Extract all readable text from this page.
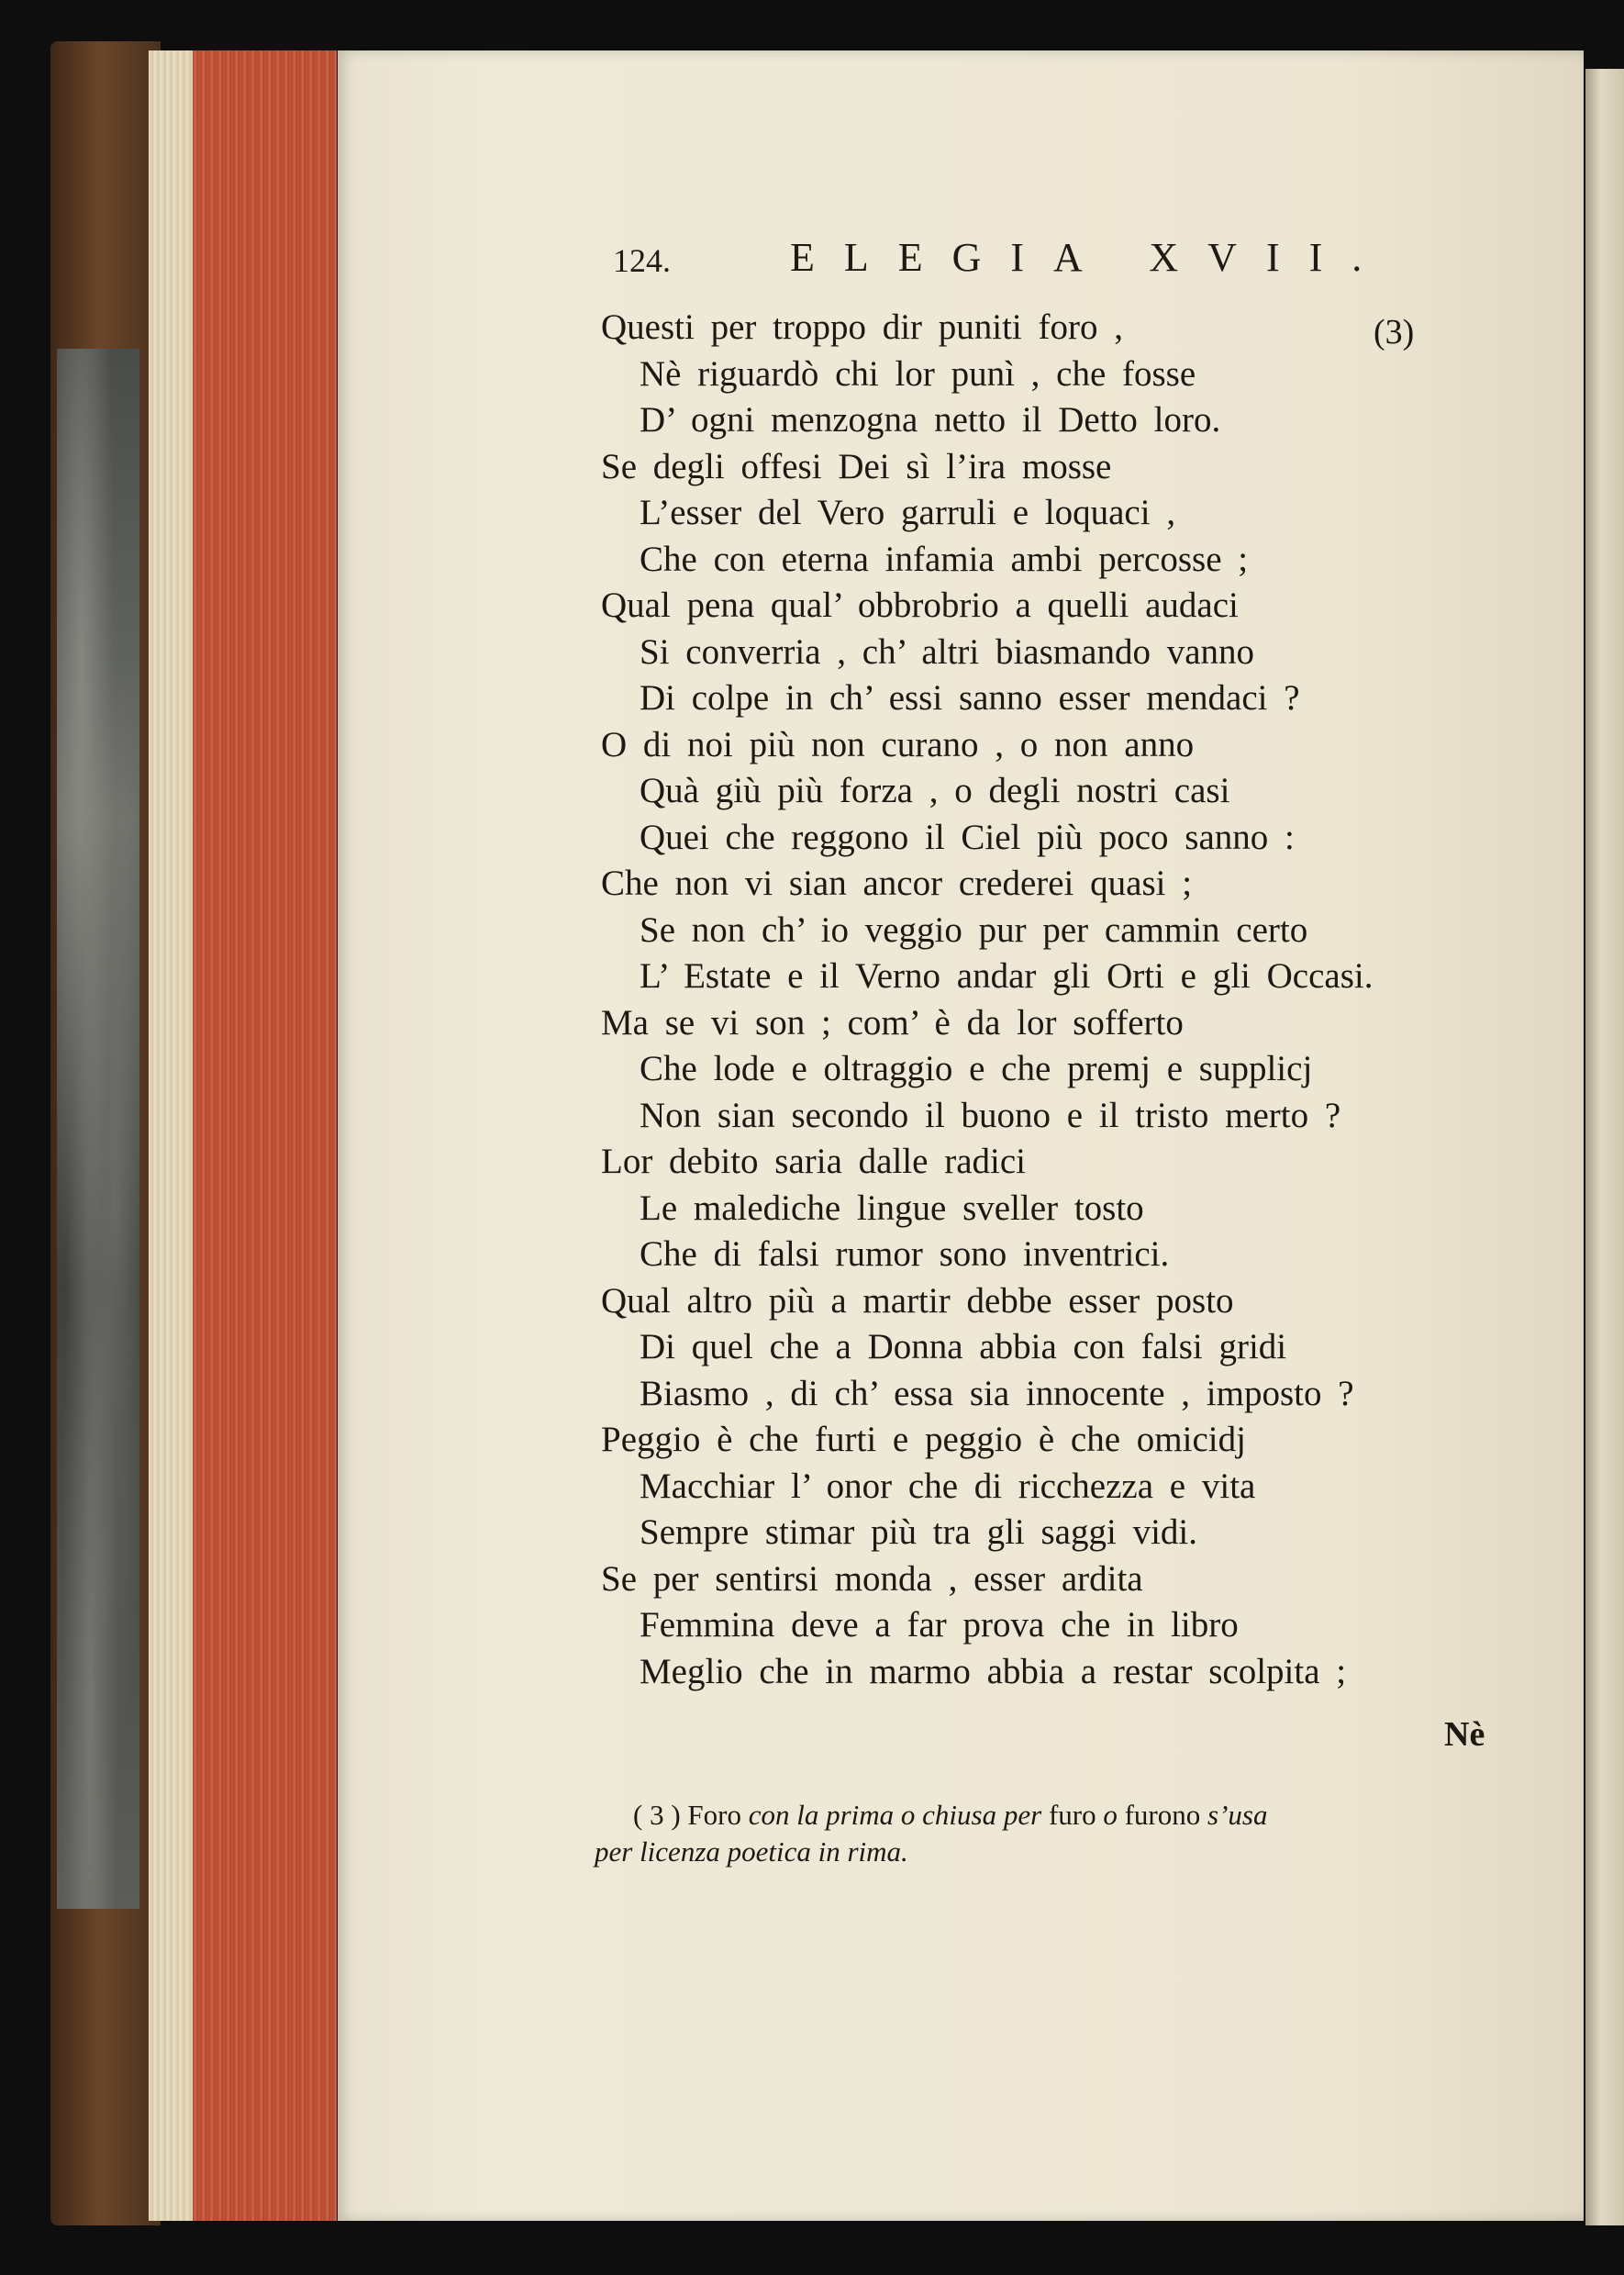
124.	ELEGIA XVII.
(3)
Questi per troppo dir puniti foro ,
Nè riguardò chi lor punì , che fosse
D’ ogni menzogna netto il Detto loro.
Se degli offesi Dei sì l’ira mosse
L’esser del Vero garruli e loquaci ,
Che con eterna infamia ambi percosse ;
Qual pena qual’ obbrobrio a quelli audaci
Si converria , ch’ altri biasmando vanno
Di colpe in ch’ essi sanno esser mendaci ?
O di noi più non curano , o non anno
Quà giù più forza , o degli nostri casi
Quei che reggono il Ciel più poco sanno :
Che non vi sian ancor crederei quasi ;
Se non ch’ io veggio pur per cammin certo
L’ Estate e il Verno andar gli Orti e gli Occasi.
Ma se vi son ; com’ è da lor sofferto
Che lode e oltraggio e che premj e supplicj
Non sian secondo il buono e il tristo merto ?
Lor debito saria dalle radici
Le malediche lingue sveller tosto
Che di falsi rumor sono inventrici.
Qual altro più a martir debbe esser posto
Di quel che a Donna abbia con falsi gridi
Biasmo , di ch’ essa sia innocente , imposto ?
Peggio è che furti e peggio è che omicidj
Macchiar l’ onor che di ricchezza e vita
Sempre stimar più tra gli saggi vidi.
Se per sentirsi monda , esser ardita
Femmina deve a far prova che in libro
Meglio che in marmo abbia a restar scolpita ;
Nè
( 3 ) Foro con la prima o chiusa per furo o furono s’usa
per licenza poetica in rima.
